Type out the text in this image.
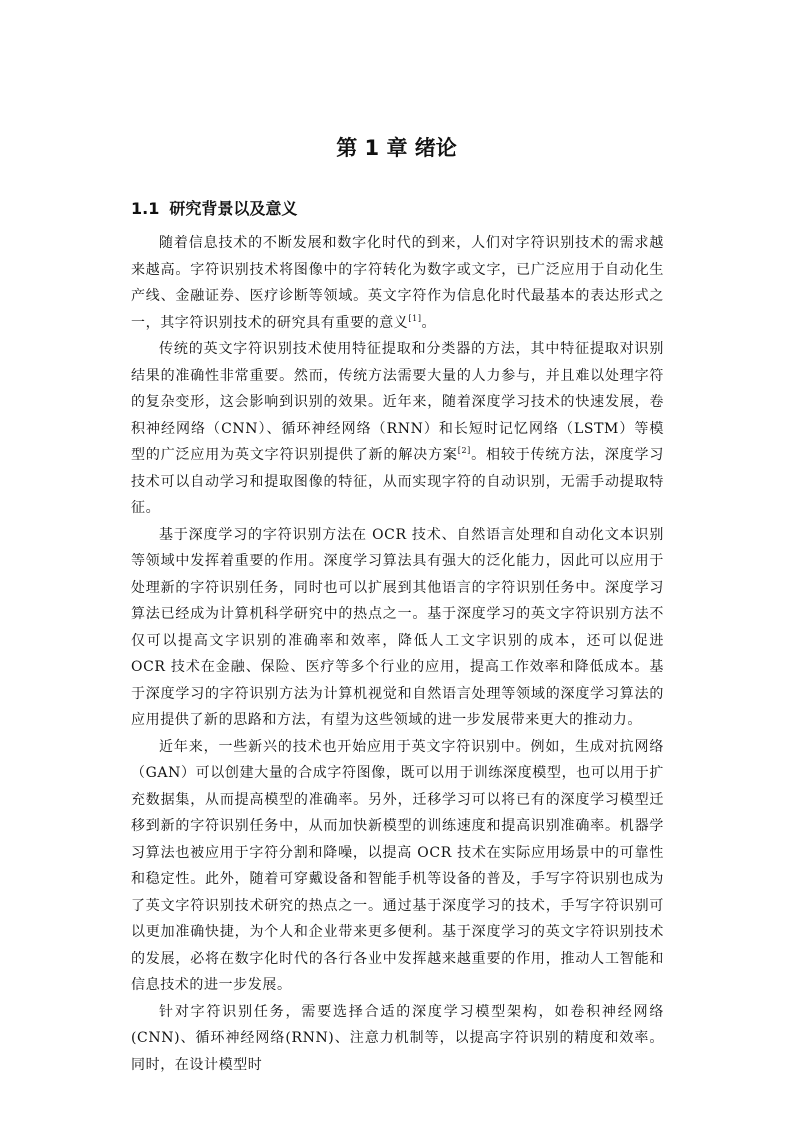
第 1 章 绪论
1.1 研究背景以及意义

随着信息技术的不断发展和数字化时代的到来，人们对字符识别技术的需求越来越高。字符识别技术将图像中的字符转化为数字或文字，已广泛应用于自动化生产线、金融证券、医疗诊断等领域。英文字符作为信息化时代最基本的表达形式之一，其字符识别技术的研究具有重要的意义[1]。

传统的英文字符识别技术使用特征提取和分类器的方法，其中特征提取对识别结果的准确性非常重要。然而，传统方法需要大量的人力参与，并且难以处理字符的复杂变形，这会影响到识别的效果。近年来，随着深度学习技术的快速发展，卷积神经网络（CNN）、循环神经网络（RNN）和长短时记忆网络（LSTM）等模型的广泛应用为英文字符识别提供了新的解决方案[2]。相较于传统方法，深度学习技术可以自动学习和提取图像的特征，从而实现字符的自动识别，无需手动提取特征。

基于深度学习的字符识别方法在 OCR 技术、自然语言处理和自动化文本识别等领域中发挥着重要的作用。深度学习算法具有强大的泛化能力，因此可以应用于处理新的字符识别任务，同时也可以扩展到其他语言的字符识别任务中。深度学习算法已经成为计算机科学研究中的热点之一。基于深度学习的英文字符识别方法不仅可以提高文字识别的准确率和效率，降低人工文字识别的成本，还可以促进 OCR 技术在金融、保险、医疗等多个行业的应用，提高工作效率和降低成本。基于深度学习的字符识别方法为计算机视觉和自然语言处理等领域的深度学习算法的应用提供了新的思路和方法，有望为这些领域的进一步发展带来更大的推动力。

近年来，一些新兴的技术也开始应用于英文字符识别中。例如，生成对抗网络（GAN）可以创建大量的合成字符图像，既可以用于训练深度模型，也可以用于扩充数据集，从而提高模型的准确率。另外，迁移学习可以将已有的深度学习模型迁移到新的字符识别任务中，从而加快新模型的训练速度和提高识别准确率。机器学习算法也被应用于字符分割和降噪，以提高 OCR 技术在实际应用场景中的可靠性和稳定性。此外，随着可穿戴设备和智能手机等设备的普及，手写字符识别也成为了英文字符识别技术研究的热点之一。通过基于深度学习的技术，手写字符识别可以更加准确快捷，为个人和企业带来更多便利。基于深度学习的英文字符识别技术的发展，必将在数字化时代的各行各业中发挥越来越重要的作用，推动人工智能和信息技术的进一步发展。

针对字符识别任务，需要选择合适的深度学习模型架构，如卷积神经网络(CNN)、循环神经网络(RNN)、注意力机制等，以提高字符识别的精度和效率。同时，在设计模型时
